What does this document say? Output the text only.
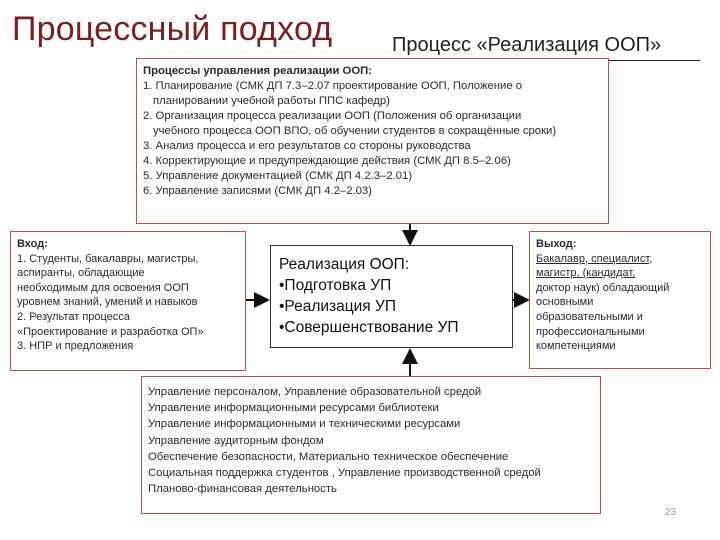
Процессный подход	Процесс «Реализация ООП»
Процессы управления реализации ООП:
1. Планирование (СМК ДП 7.3–2.07 проектирование ООП, Положение о
планировании учебной работы ППС кафедр)
2. Организация процесса реализации ООП (Положения об организации
учебного процесса ООП ВПО, об обучении студентов в сокращённые сроки)
3. Анализ процесса и его результатов со стороны руководства
4. Корректирующие и предупреждающие действия (СМК ДП 8.5–2.06)
5. Управление документацией (СМК ДП 4.2.3–2.01)
6. Управление записями (СМК ДП 4.2–2.03)
Вход:
1. Студенты, бакалавры, магистры,
аспиранты, обладающие
необходимым для освоения ООП
уровнем знаний, умений и навыков
2. Результат процесса
«Проектирование и разработка ОП»
3. НПР и предложения
Реализация ООП:
•Подготовка УП
•Реализация УП
•Совершенствование УП
Выход:
Бакалавр, специалист,
магистр, (кандидат,
доктор наук) обладающий
основными
образовательными и
профессиональными
компетенциями
Управление персоналом, Управление образовательной средой
Управление информационными ресурсами библиотеки
Управление информационными и техническими ресурсами
Управление аудиторным фондом
Обеспечение безопасности, Материально техническое обеспечение
Социальная поддержка студентов , Управление производственной средой
Планово-финансовая деятельность
23
